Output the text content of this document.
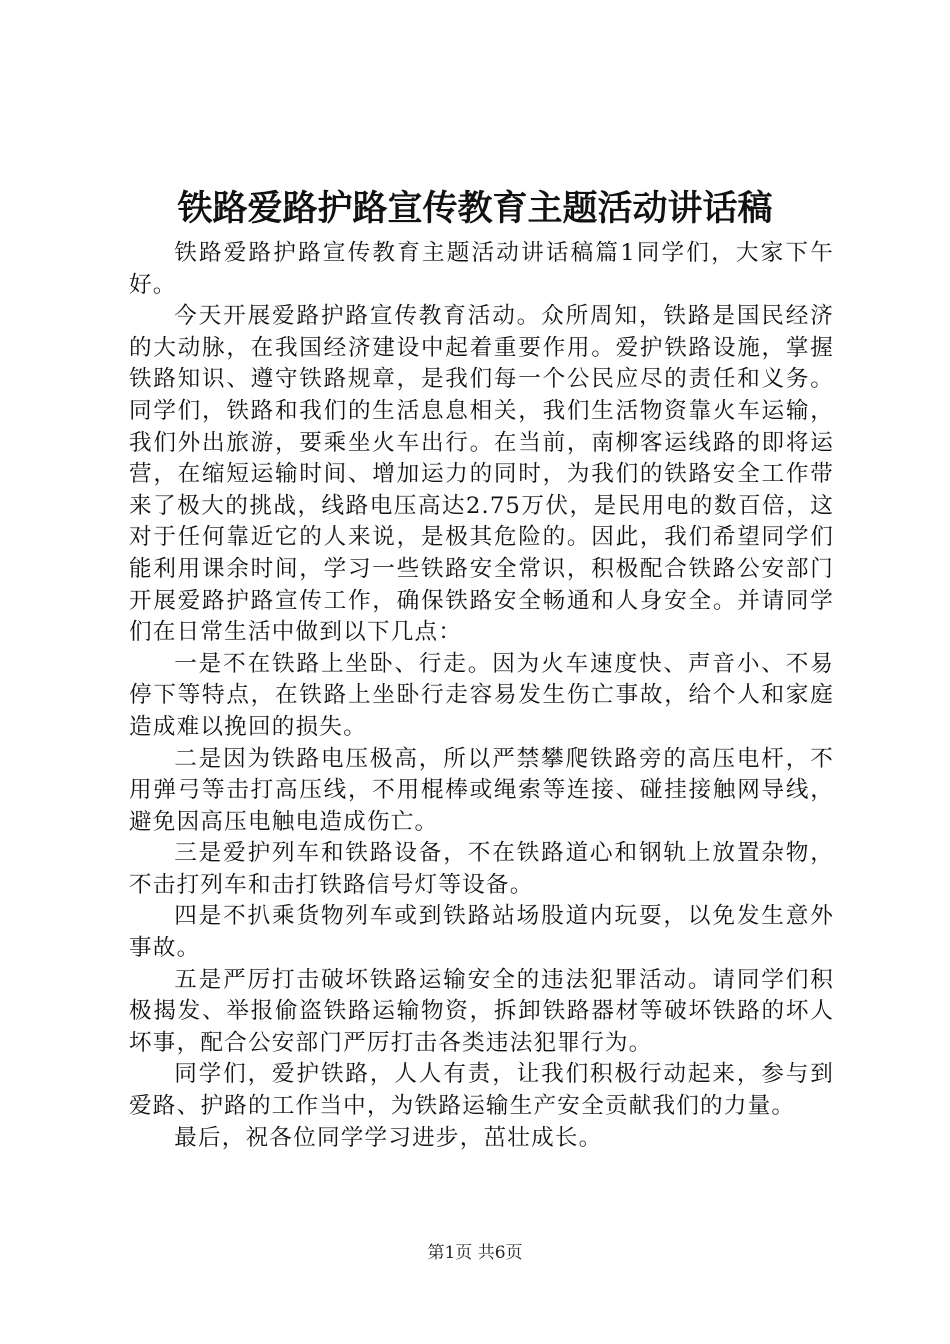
铁路爱路护路宣传教育主题活动讲话稿

铁路爱路护路宣传教育主题活动讲话稿篇1同学们，大家下午好。

今天开展爱路护路宣传教育活动。众所周知，铁路是国民经济的大动脉，在我国经济建设中起着重要作用。爱护铁路设施，掌握铁路知识、遵守铁路规章，是我们每一个公民应尽的责任和义务。同学们，铁路和我们的生活息息相关，我们生活物资靠火车运输，我们外出旅游，要乘坐火车出行。在当前，南柳客运线路的即将运营，在缩短运输时间、增加运力的同时，为我们的铁路安全工作带来了极大的挑战，线路电压高达2.75万伏，是民用电的数百倍，这对于任何靠近它的人来说，是极其危险的。因此，我们希望同学们能利用课余时间，学习一些铁路安全常识，积极配合铁路公安部门开展爱路护路宣传工作，确保铁路安全畅通和人身安全。并请同学们在日常生活中做到以下几点：

一是不在铁路上坐卧、行走。因为火车速度快、声音小、不易停下等特点，在铁路上坐卧行走容易发生伤亡事故，给个人和家庭造成难以挽回的损失。

二是因为铁路电压极高，所以严禁攀爬铁路旁的高压电杆，不用弹弓等击打高压线，不用棍棒或绳索等连接、碰挂接触网导线，避免因高压电触电造成伤亡。

三是爱护列车和铁路设备，不在铁路道心和钢轨上放置杂物，不击打列车和击打铁路信号灯等设备。

四是不扒乘货物列车或到铁路站场股道内玩耍，以免发生意外事故。

五是严厉打击破坏铁路运输安全的违法犯罪活动。请同学们积极揭发、举报偷盗铁路运输物资，拆卸铁路器材等破坏铁路的坏人坏事，配合公安部门严厉打击各类违法犯罪行为。

同学们，爱护铁路，人人有责，让我们积极行动起来，参与到爱路、护路的工作当中，为铁路运输生产安全贡献我们的力量。

最后，祝各位同学学习进步，茁壮成长。

第1页 共6页
